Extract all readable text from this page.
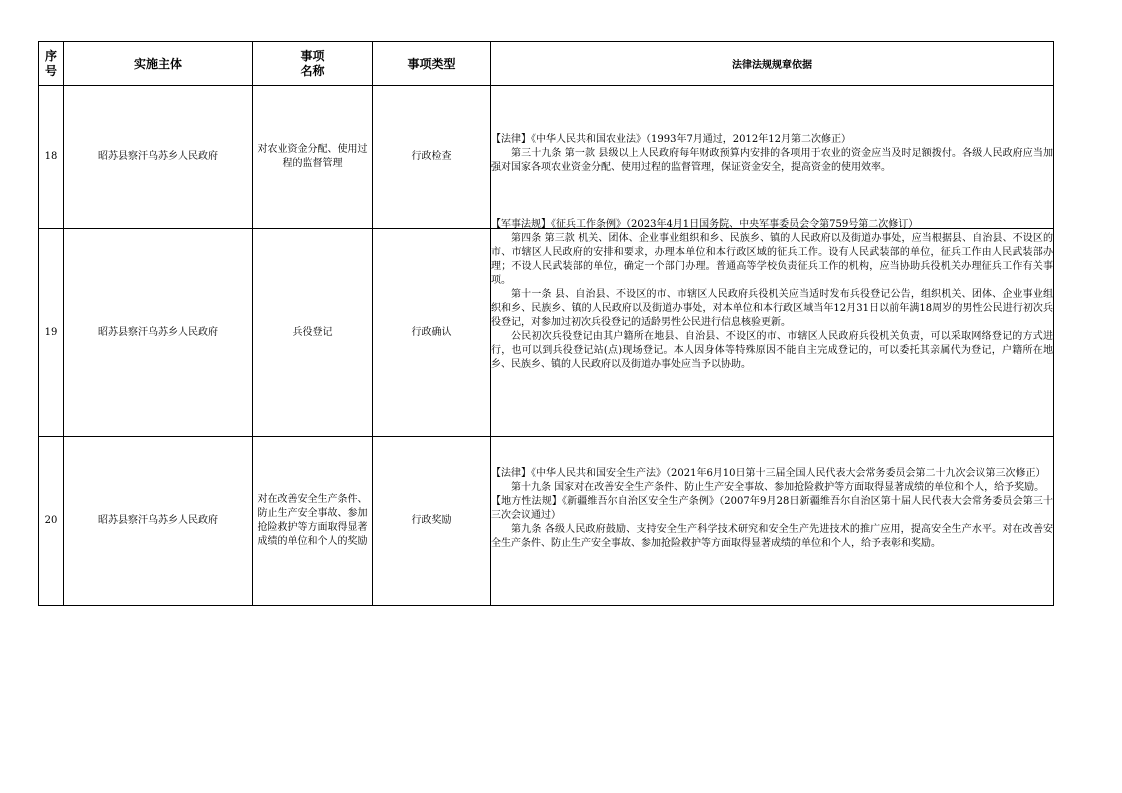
序号	实施主体	事项名称	事项类型	法律法规规章依据
18	昭苏县察汗乌苏乡人民政府	对农业资金分配、使用过程的监督管理	行政检查	【法律】《中华人民共和国农业法》（1993年7月通过，2012年12月第二次修正）

第三十九条 第一款 县级以上人民政府每年财政预算内安排的各项用于农业的资金应当及时足额拨付。各级人民政府应当加强对国家各项农业资金分配、使用过程的监督管理，保证资金安全，提高资金的使用效率。

19	昭苏县察汗乌苏乡人民政府	兵役登记	行政确认	【军事法规】《征兵工作条例》（2023年4月1日国务院、中央军事委员会令第759号第二次修订）

第四条 第三款 机关、团体、企业事业组织和乡、民族乡、镇的人民政府以及街道办事处，应当根据县、自治县、不设区的市、市辖区人民政府的安排和要求，办理本单位和本行政区域的征兵工作。设有人民武装部的单位，征兵工作由人民武装部办理；不设人民武装部的单位，确定一个部门办理。普通高等学校负责征兵工作的机构，应当协助兵役机关办理征兵工作有关事项。

第十一条 县、自治县、不设区的市、市辖区人民政府兵役机关应当适时发布兵役登记公告，组织机关、团体、企业事业组织和乡、民族乡、镇的人民政府以及街道办事处，对本单位和本行政区域当年12月31日以前年满18周岁的男性公民进行初次兵役登记，对参加过初次兵役登记的适龄男性公民进行信息核验更新。

公民初次兵役登记由其户籍所在地县、自治县、不设区的市、市辖区人民政府兵役机关负责，可以采取网络登记的方式进行，也可以到兵役登记站(点)现场登记。本人因身体等特殊原因不能自主完成登记的，可以委托其亲属代为登记，户籍所在地乡、民族乡、镇的人民政府以及街道办事处应当予以协助。

20	昭苏县察汗乌苏乡人民政府	对在改善安全生产条件、防止生产安全事故、参加抢险救护等方面取得显著成绩的单位和个人的奖励	行政奖励	【法律】《中华人民共和国安全生产法》（2021年6月10日第十三届全国人民代表大会常务委员会第二十九次会议第三次修正）

第十九条 国家对在改善安全生产条件、防止生产安全事故、参加抢险救护等方面取得显著成绩的单位和个人，给予奖励。

【地方性法规】《新疆维吾尔自治区安全生产条例》（2007年9月28日新疆维吾尔自治区第十届人民代表大会常务委员会第三十三次会议通过）

第九条 各级人民政府鼓励、支持安全生产科学技术研究和安全生产先进技术的推广应用，提高安全生产水平。对在改善安全生产条件、防止生产安全事故、参加抢险救护等方面取得显著成绩的单位和个人，给予表彰和奖励。
